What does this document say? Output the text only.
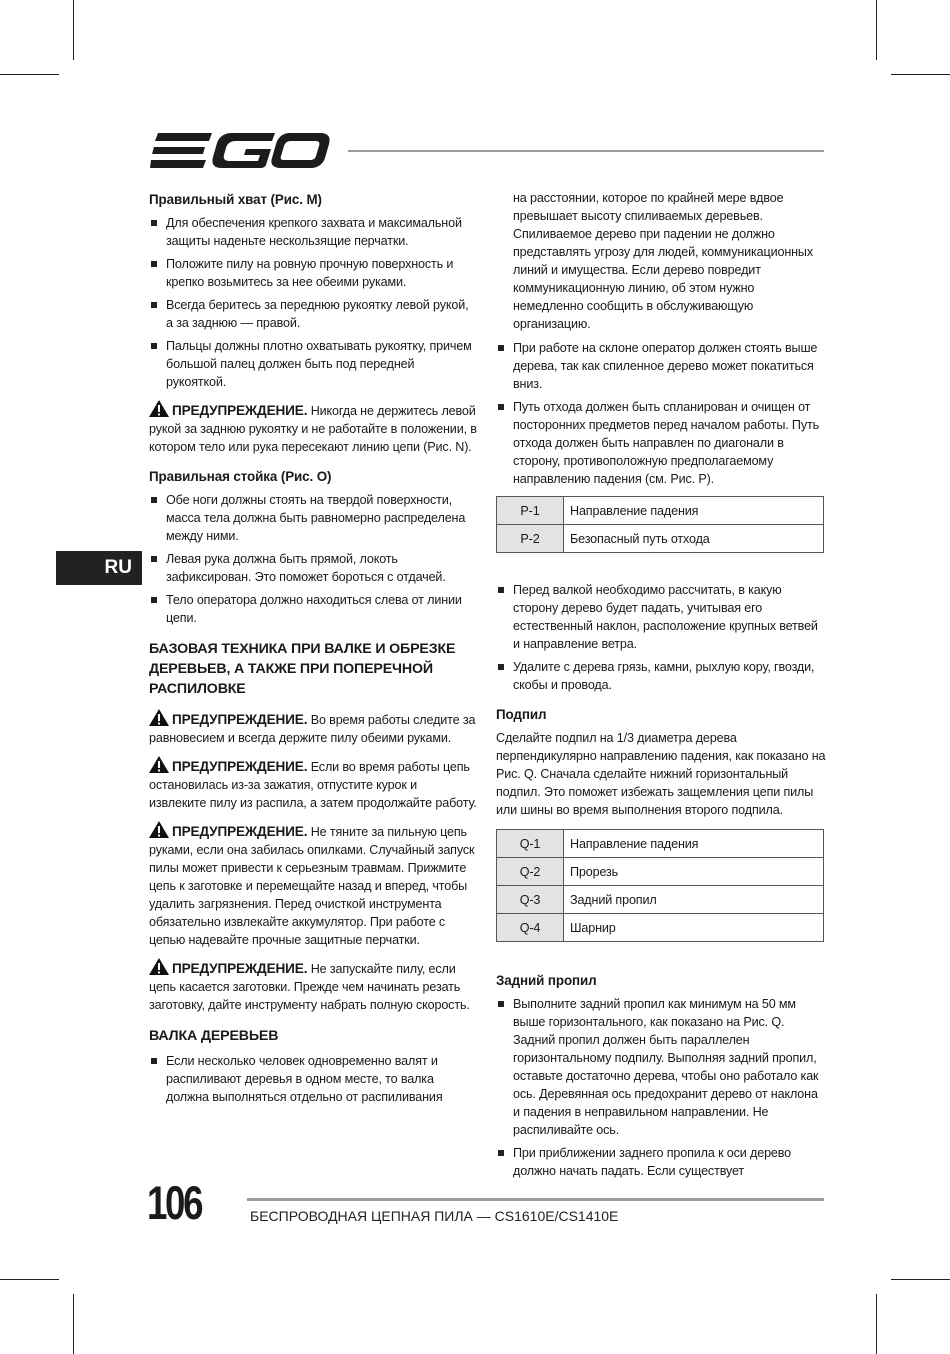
RU
Правильный хват (Рис. M)
Для обеспечения крепкого захвата и максимальной защиты наденьте нескользящие перчатки.
Положите пилу на ровную прочную поверхность и крепко возьмитесь за нее обеими руками.
Всегда беритесь за переднюю рукоятку левой рукой, а за заднюю — правой.
Пальцы должны плотно охватывать рукоятку, причем большой палец должен быть под передней рукояткой.

ПРЕДУПРЕЖДЕНИЕ. Никогда не держитесь левой рукой за заднюю рукоятку и не работайте в положении, в котором тело или рука пересекают линию цепи (Рис. N).

Правильная стойка (Рис. O)
Обе ноги должны стоять на твердой поверхности, масса тела должна быть равномерно распределена между ними.
Левая рука должна быть прямой, локоть зафиксирован. Это поможет бороться с отдачей.
Тело оператора должно находиться слева от линии цепи.
БАЗОВАЯ ТЕХНИКА ПРИ ВАЛКЕ И ОБРЕЗКЕ ДЕРЕВЬЕВ, А ТАКЖЕ ПРИ ПОПЕРЕЧНОЙ РАСПИЛОВКЕ

ПРЕДУПРЕЖДЕНИЕ. Во время работы следите за равновесием и всегда держите пилу обеими руками.

ПРЕДУПРЕЖДЕНИЕ. Если во время работы цепь остановилась из-за зажатия, отпустите курок и извлеките пилу из распила, а затем продолжайте работу.

ПРЕДУПРЕЖДЕНИЕ. Не тяните за пильную цепь руками, если она забилась опилками. Случайный запуск пилы может привести к серьезным травмам. Прижмите цепь к заготовке и перемещайте назад и вперед, чтобы удалить загрязнения. Перед очисткой инструмента обязательно извлекайте аккумулятор. При работе с цепью надевайте прочные защитные перчатки.

ПРЕДУПРЕЖДЕНИЕ. Не запускайте пилу, если цепь касается заготовки. Прежде чем начинать резать заготовку, дайте инструменту набрать полную скорость.

ВАЛКА ДЕРЕВЬЕВ
Если несколько человек одновременно валят и распиливают деревья в одном месте, то валка должна выполняться отдельно от распиливания

на расстоянии, которое по крайней мере вдвое превышает высоту спиливаемых деревьев. Спиливаемое дерево при падении не должно представлять угрозу для людей, коммуникационных линий и имущества. Если дерево повредит коммуникационную линию, об этом нужно немедленно сообщить в обслуживающую организацию.

При работе на склоне оператор должен стоять выше дерева, так как спиленное дерево может покатиться вниз.
Путь отхода должен быть спланирован и очищен от посторонних предметов перед началом работы. Путь отхода должен быть направлен по диагонали в сторону, противоположную предполагаемому направлению падения (см. Рис. P).
P-1	Направление падения
P-2	Безопасный путь отхода
Перед валкой необходимо рассчитать, в какую сторону дерево будет падать, учитывая его естественный наклон, расположение крупных ветвей и направление ветра.
Удалите с дерева грязь, камни, рыхлую кору, гвозди, скобы и провода.
Подпил

Сделайте подпил на 1/3 диаметра дерева перпендикулярно направлению падения, как показано на Рис. Q. Сначала сделайте нижний горизонтальный подпил. Это поможет избежать защемления цепи пилы или шины во время выполнения второго подпила.

Q-1	Направление падения
Q-2	Прорезь
Q-3	Задний пропил
Q-4	Шарнир
Задний пропил
Выполните задний пропил как минимум на 50 мм выше горизонтального, как показано на Рис. Q. Задний пропил должен быть параллелен горизонтальному подпилу. Выполняя задний пропил, оставьте достаточно дерева, чтобы оно работало как ось. Деревянная ось предохранит дерево от наклона и падения в неправильном направлении. Не распиливайте ось.
При приближении заднего пропила к оси дерево должно начать падать. Если существует
106	БЕСПРОВОДНАЯ ЦЕПНАЯ ПИЛА — CS1610E/CS1410E
